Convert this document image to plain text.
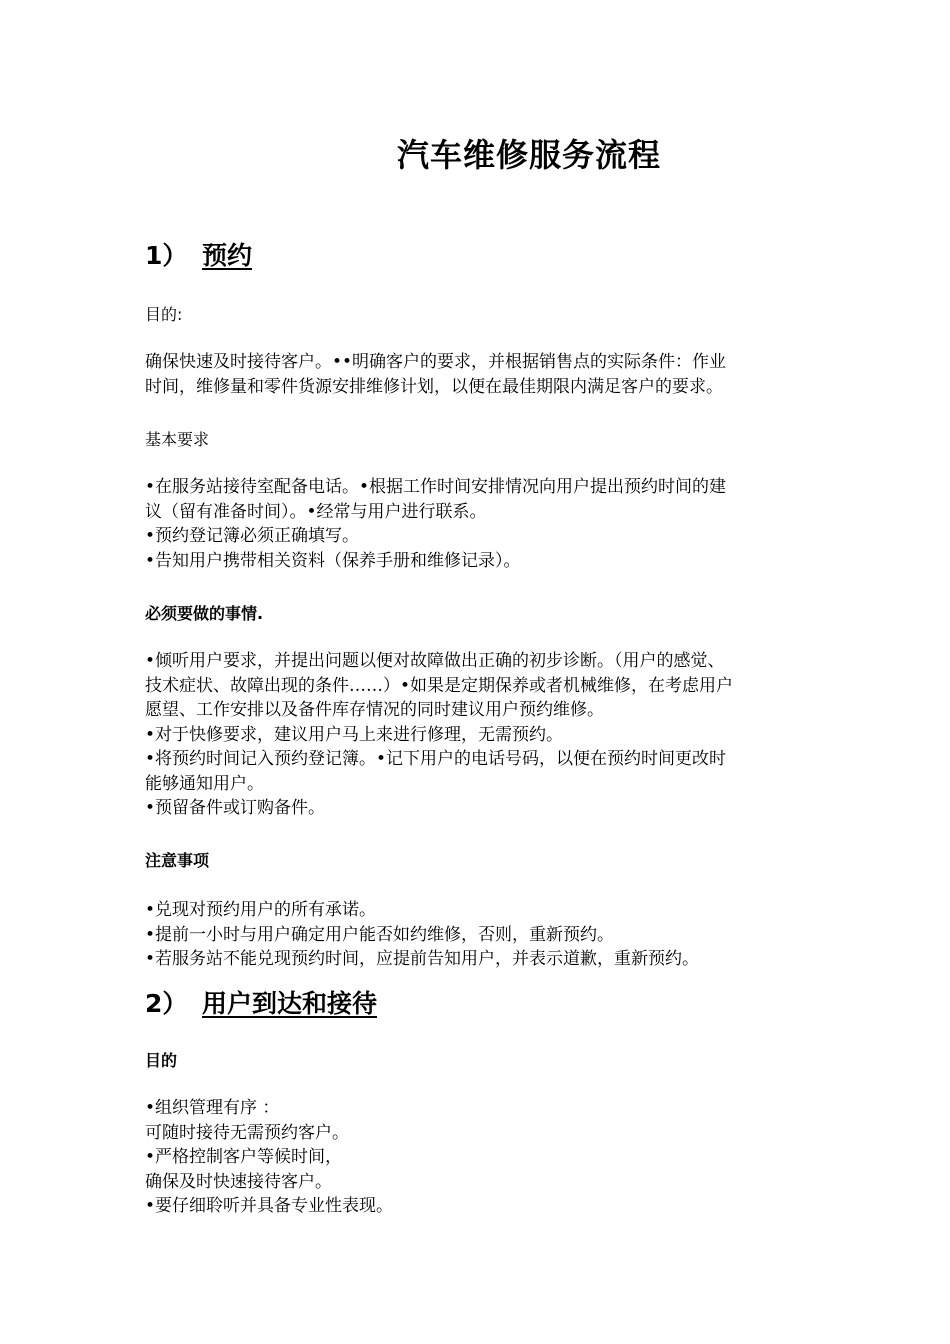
汽车维修服务流程
1） 预约

目的:

确保快速及时接待客户。••明确客户的要求，并根据销售点的实际条件：作业
时间，维修量和零件货源安排维修计划，以便在最佳期限内满足客户的要求。

基本要求

•在服务站接待室配备电话。•根据工作时间安排情况向用户提出预约时间的建
议（留有准备时间）。•经常与用户进行联系。
•预约登记簿必须正确填写。
•告知用户携带相关资料（保养手册和维修记录）。

必须要做的事情.

•倾听用户要求，并提出问题以便对故障做出正确的初步诊断。（用户的感觉、
技术症状、故障出现的条件……）•如果是定期保养或者机械维修，在考虑用户
愿望、工作安排以及备件库存情况的同时建议用户预约维修。
•对于快修要求，建议用户马上来进行修理，无需预约。
•将预约时间记入预约登记簿。•记下用户的电话号码，以便在预约时间更改时
能够通知用户。
•预留备件或订购备件。

注意事项

•兑现对预约用户的所有承诺。
•提前一小时与用户确定用户能否如约维修，否则，重新预约。
•若服务站不能兑现预约时间，应提前告知用户，并表示道歉，重新预约。
2） 用户到达和接待

目的

•组织管理有序 ：
可随时接待无需预约客户。
•严格控制客户等候时间，
确保及时快速接待客户。
•要仔细聆听并具备专业性表现。
